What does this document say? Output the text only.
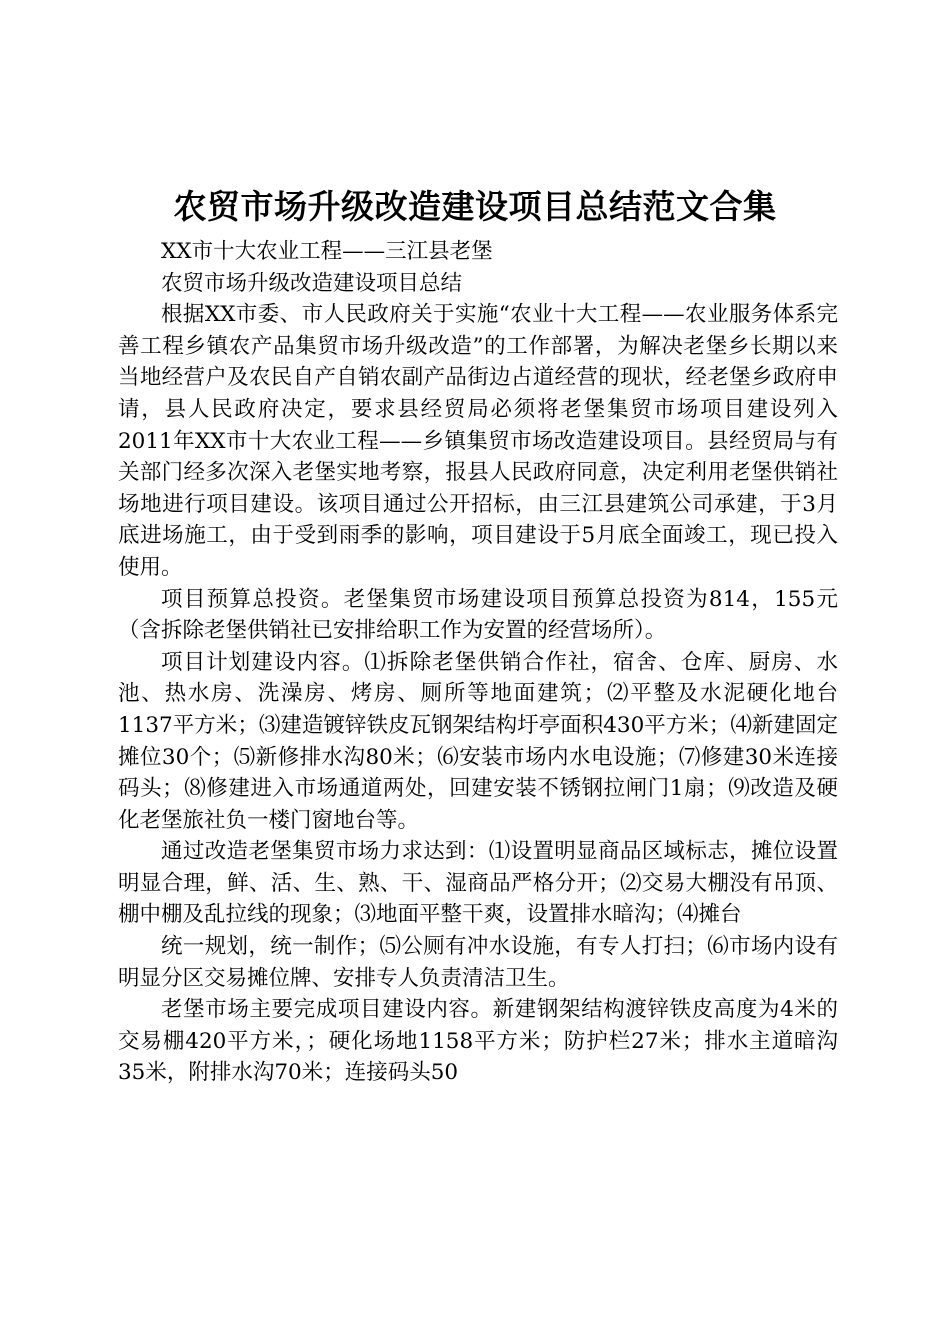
农贸市场升级改造建设项目总结范文合集

XX市十大农业工程——三江县老堡

农贸市场升级改造建设项目总结

根据XX市委、市人民政府关于实施“农业十大工程——农业服务体系完善工程乡镇农产品集贸市场升级改造”的工作部署，为解决老堡乡长期以来当地经营户及农民自产自销农副产品街边占道经营的现状，经老堡乡政府申请，县人民政府决定，要求县经贸局必须将老堡集贸市场项目建设列入2011年XX市十大农业工程——乡镇集贸市场改造建设项目。县经贸局与有关部门经多次深入老堡实地考察，报县人民政府同意，决定利用老堡供销社场地进行项目建设。该项目通过公开招标，由三江县建筑公司承建，于3月底进场施工，由于受到雨季的影响，项目建设于5月底全面竣工，现已投入使用。

项目预算总投资。老堡集贸市场建设项目预算总投资为814，155元（含拆除老堡供销社已安排给职工作为安置的经营场所）。

项目计划建设内容。⑴拆除老堡供销合作社，宿舍、仓库、厨房、水池、热水房、洗澡房、烤房、厕所等地面建筑；⑵平整及水泥硬化地台1137平方米；⑶建造镀锌铁皮瓦钢架结构圩亭面积430平方米；⑷新建固定摊位30个；⑸新修排水沟80米；⑹安装市场内水电设施；⑺修建30米连接码头；⑻修建进入市场通道两处，回建安装不锈钢拉闸门1扇；⑼改造及硬化老堡旅社负一楼门窗地台等。

通过改造老堡集贸市场力求达到：⑴设置明显商品区域标志，摊位设置明显合理，鲜、活、生、熟、干、湿商品严格分开；⑵交易大棚没有吊顶、棚中棚及乱拉线的现象；⑶地面平整干爽，设置排水暗沟；⑷摊台

统一规划，统一制作；⑸公厕有冲水设施，有专人打扫；⑹市场内设有明显分区交易摊位牌、安排专人负责清洁卫生。

老堡市场主要完成项目建设内容。新建钢架结构渡锌铁皮高度为4米的交易棚420平方米，；硬化场地1158平方米；防护栏27米；排水主道暗沟35米，附排水沟70米；连接码头50
